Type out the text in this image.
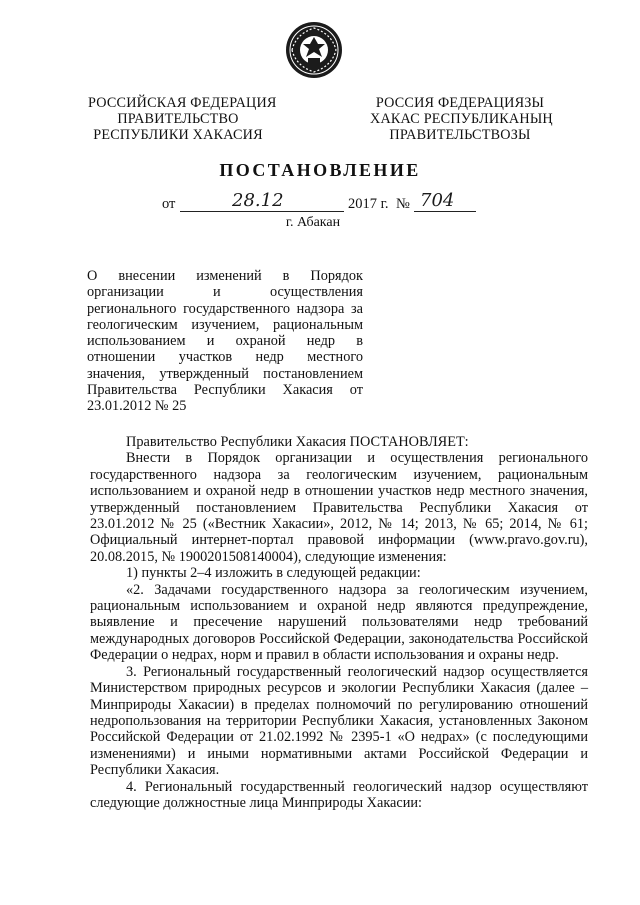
РОССИЙСКАЯ ФЕДЕРАЦИЯ
ПРАВИТЕЛЬСТВО
РЕСПУБЛИКИ ХАКАСИЯ
РОССИЯ ФЕДЕРАЦИЯЗЫ
ХАКАС РЕСПУБЛИКАНЫҢ
ПРАВИТЕЛЬСТВОЗЫ
ПОСТАНОВЛЕНИЕ
от	28.12	2017 г. № 704
г. Абакан
О внесении изменений в Порядок организации и осуществления регионального государственного надзора за геологическим изучением, рациональным использованием и охраной недр в отношении участков недр местного значения, утвержденный постановлением Правительства Республики Хакасия от 23.01.2012 № 25

Правительство Республики Хакасия ПОСТАНОВЛЯЕТ:

Внести в Порядок организации и осуществления регионального государственного надзора за геологическим изучением, рациональным использованием и охраной недр в отношении участков недр местного значения, утвержденный постановлением Правительства Республики Хакасия от 23.01.2012 № 25 («Вестник Хакасии», 2012, № 14; 2013, № 65; 2014, № 61; Официальный интернет-портал правовой информации (www.pravo.gov.ru), 20.08.2015, № 1900201508140004), следующие изменения:

1) пункты 2–4 изложить в следующей редакции:

«2. Задачами государственного надзора за геологическим изучением, рациональным использованием и охраной недр являются предупреждение, выявление и пресечение нарушений пользователями недр требований международных договоров Российской Федерации, законодательства Российской Федерации о недрах, норм и правил в области использования и охраны недр.

3. Региональный государственный геологический надзор осуществляется Министерством природных ресурсов и экологии Республики Хакасия (далее – Минприроды Хакасии) в пределах полномочий по регулированию отношений недропользования на территории Республики Хакасия, установленных Законом Российской Федерации от 21.02.1992 № 2395-1 «О недрах» (с последующими изменениями) и иными нормативными актами Российской Федерации и Республики Хакасия.

4. Региональный государственный геологический надзор осуществляют следующие должностные лица Минприроды Хакасии:
